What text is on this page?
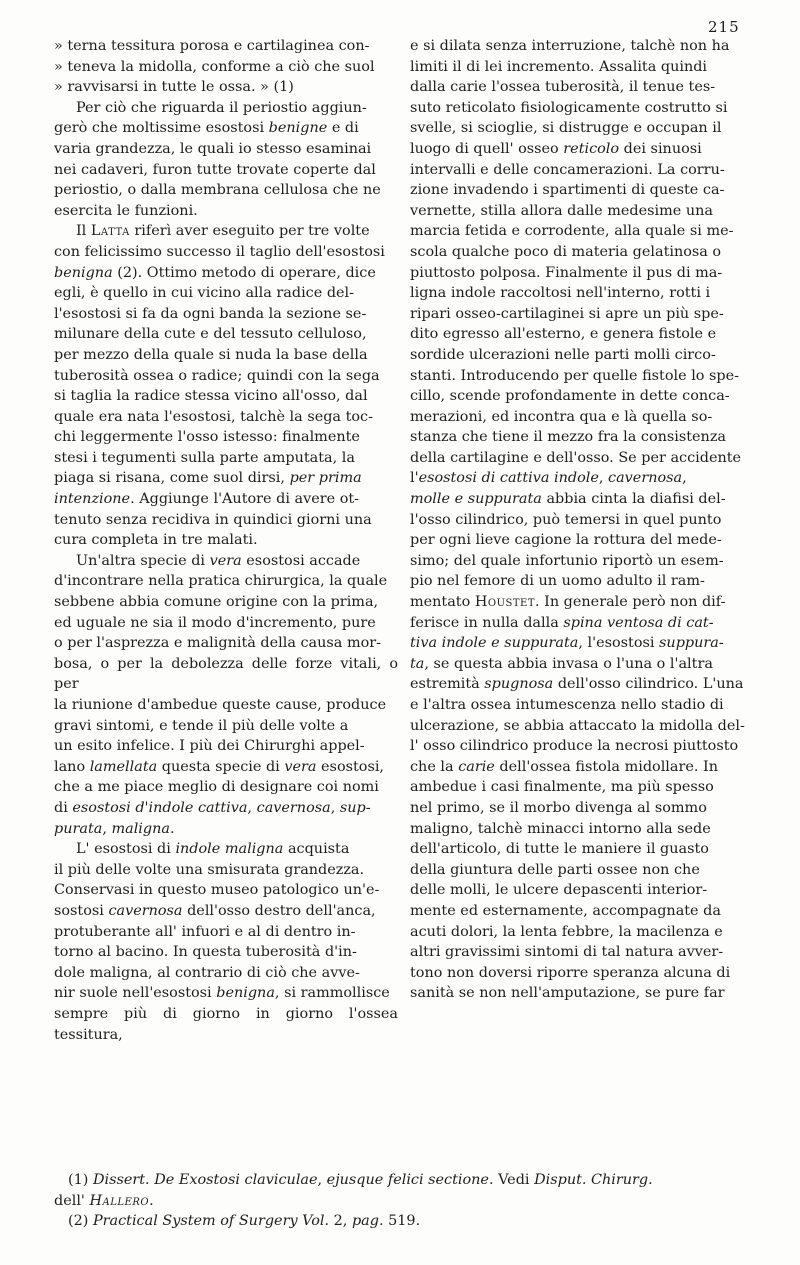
215

» terna tessitura porosa e cartilaginea con-
» teneva la midolla, conforme a ciò che suol
» ravvisarsi in tutte le ossa. » (1)

Per ciò che riguarda il periostio aggiun-
gerò che moltissime esostosi benigne e di
varia grandezza, le quali io stesso esaminai
nei cadaveri, furon tutte trovate coperte dal
periostio, o dalla membrana cellulosa che ne
esercita le funzioni.

Il Latta riferì aver eseguito per tre volte
con felicissimo successo il taglio dell'esostosi
benigna (2). Ottimo metodo di operare, dice
egli, è quello in cui vicino alla radice del-
l'esostosi si fa da ogni banda la sezione se-
milunare della cute e del tessuto celluloso,
per mezzo della quale si nuda la base della
tuberosità ossea o radice; quindi con la sega
si taglia la radice stessa vicino all'osso, dal
quale era nata l'esostosi, talchè la sega toc-
chi leggermente l'osso istesso: finalmente
stesi i tegumenti sulla parte amputata, la
piaga si risana, come suol dirsi, per prima
intenzione. Aggiunge l'Autore di avere ot-
tenuto senza recidiva in quindici giorni una
cura completa in tre malati.

Un'altra specie di vera esostosi accade
d'incontrare nella pratica chirurgica, la quale
sebbene abbia comune origine con la prima,
ed uguale ne sia il modo d'incremento, pure
o per l'asprezza e malignità della causa mor-
bosa, o per la debolezza delle forze vitali, o per
la riunione d'ambedue queste cause, produce
gravi sintomi, e tende il più delle volte a
un esito infelice. I più dei Chirurghi appel-
lano lamellata questa specie di vera esostosi,
che a me piace meglio di designare coi nomi
di esostosi d'indole cattiva, cavernosa, sup-
purata, maligna.

L' esostosi di indole maligna acquista
il più delle volte una smisurata grandezza.
Conservasi in questo museo patologico un'e-
sostosi cavernosa dell'osso destro dell'anca,
protuberante all' infuori e al di dentro in-
torno al bacino. In questa tuberosità d'in-
dole maligna, al contrario di ciò che avve-
nir suole nell'esostosi benigna, si rammollisce
sempre più di giorno in giorno l'ossea tessitura,

e si dilata senza interruzione, talchè non ha
limiti il di lei incremento. Assalita quindi
dalla carie l'ossea tuberosità, il tenue tes-
suto reticolato fisiologicamente costrutto si
svelle, si scioglie, si distrugge e occupan il
luogo di quell' osseo reticolo dei sinuosi
intervalli e delle concamerazioni. La corru-
zione invadendo i spartimenti di queste ca-
vernette, stilla allora dalle medesime una
marcia fetida e corrodente, alla quale si me-
scola qualche poco di materia gelatinosa o
piuttosto polposa. Finalmente il pus di ma-
ligna indole raccoltosi nell'interno, rotti i
ripari osseo-cartilaginei si apre un più spe-
dito egresso all'esterno, e genera fistole e
sordide ulcerazioni nelle parti molli circo-
stanti. Introducendo per quelle fistole lo spe-
cillo, scende profondamente in dette conca-
merazioni, ed incontra qua e là quella so-
stanza che tiene il mezzo fra la consistenza
della cartilagine e dell'osso. Se per accidente
l'esostosi di cattiva indole, cavernosa,
molle e suppurata abbia cinta la diafisi del-
l'osso cilindrico, può temersi in quel punto
per ogni lieve cagione la rottura del mede-
simo; del quale infortunio riportò un esem-
pio nel femore di un uomo adulto il ram-
mentato Houstet. In generale però non dif-
ferisce in nulla dalla spina ventosa di cat-
tiva indole e suppurata, l'esostosi suppura-
ta, se questa abbia invasa o l'una o l'altra
estremità spugnosa dell'osso cilindrico. L'una
e l'altra ossea intumescenza nello stadio di
ulcerazione, se abbia attaccato la midolla del-
l' osso cilindrico produce la necrosi piuttosto
che la carie dell'ossea fistola midollare. In
ambedue i casi finalmente, ma più spesso
nel primo, se il morbo divenga al sommo
maligno, talchè minacci intorno alla sede
dell'articolo, di tutte le maniere il guasto
della giuntura delle parti ossee non che
delle molli, le ulcere depascenti interior-
mente ed esternamente, accompagnate da
acuti dolori, la lenta febbre, la macilenza e
altri gravissimi sintomi di tal natura avver-
tono non doversi riporre speranza alcuna di
sanità se non nell'amputazione, se pure far

(1) Dissert. De Exostosi claviculae, ejusque felici sectione. Vedi Disput. Chirurg.
dell' Hallero.

(2) Practical System of Surgery Vol. 2, pag. 519.
